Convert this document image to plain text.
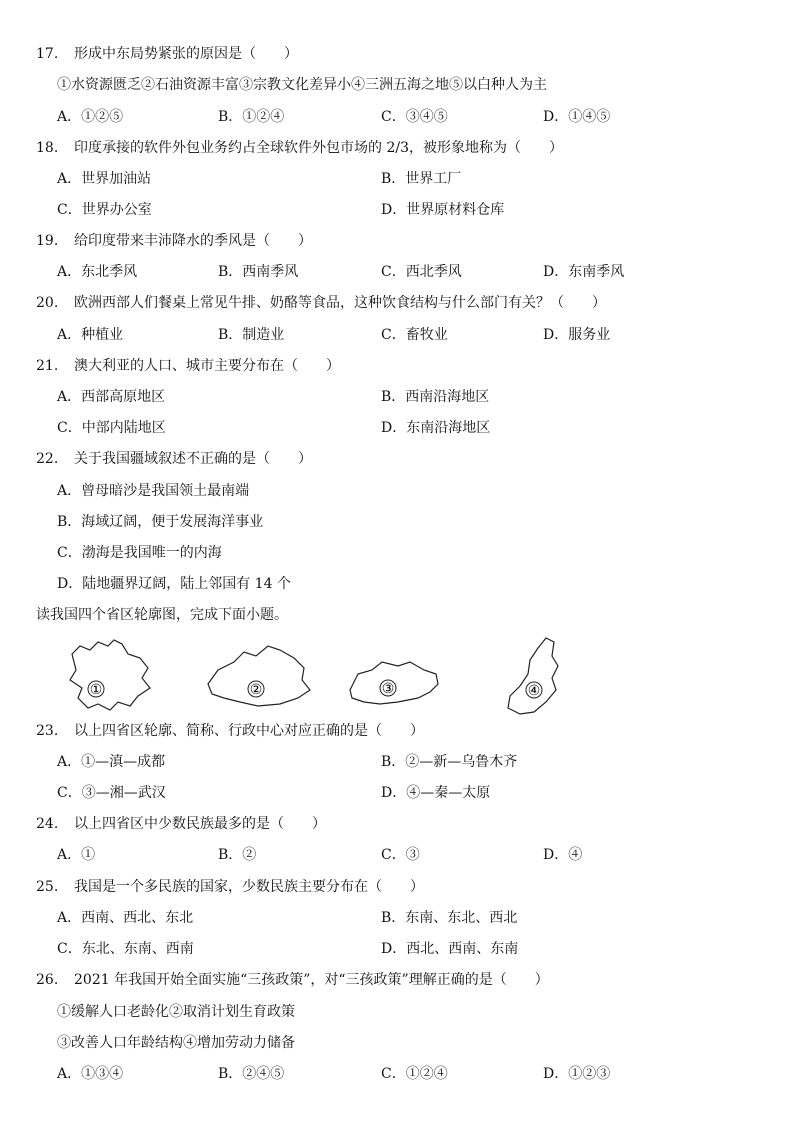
17. 形成中东局势紧张的原因是（　　）
①水资源匮乏②石油资源丰富③宗教文化差异小④三洲五海之地⑤以白种人为主
A．①②⑤	B．①②④	C．③④⑤	D．①④⑤
18. 印度承接的软件外包业务约占全球软件外包市场的 2/3，被形象地称为（　　）
A．世界加油站	B．世界工厂
C．世界办公室	D．世界原材料仓库
19. 给印度带来丰沛降水的季风是（　　）
A．东北季风	B．西南季风	C．西北季风	D．东南季风
20. 欧洲西部人们餐桌上常见牛排、奶酪等食品，这种饮食结构与什么部门有关？（　　）
A．种植业	B．制造业	C．畜牧业	D．服务业
21. 澳大利亚的人口、城市主要分布在（　　）
A．西部高原地区	B．西南沿海地区
C．中部内陆地区	D．东南沿海地区
22. 关于我国疆域叙述不正确的是（　　）
A．曾母暗沙是我国领土最南端
B．海域辽阔，便于发展海洋事业
C．渤海是我国唯一的内海
D．陆地疆界辽阔，陆上邻国有 14 个
读我国四个省区轮廓图，完成下面小题。
①	②	③	④
23. 以上四省区轮廓、简称、行政中心对应正确的是（　　）
A．①—滇—成都	B．②—新—乌鲁木齐
C．③—湘—武汉	D．④—秦—太原
24. 以上四省区中少数民族最多的是（　　）
A．①	B．②	C．③	D．④
25. 我国是一个多民族的国家，少数民族主要分布在（　　）
A．西南、西北、东北	B．东南、东北、西北
C．东北、东南、西南	D．西北、西南、东南
26. 2021 年我国开始全面实施“三孩政策”，对“三孩政策”理解正确的是（　　）
①缓解人口老龄化②取消计划生育政策
③改善人口年龄结构④增加劳动力储备
A．①③④	B．②④⑤	C．①②④	D．①②③
